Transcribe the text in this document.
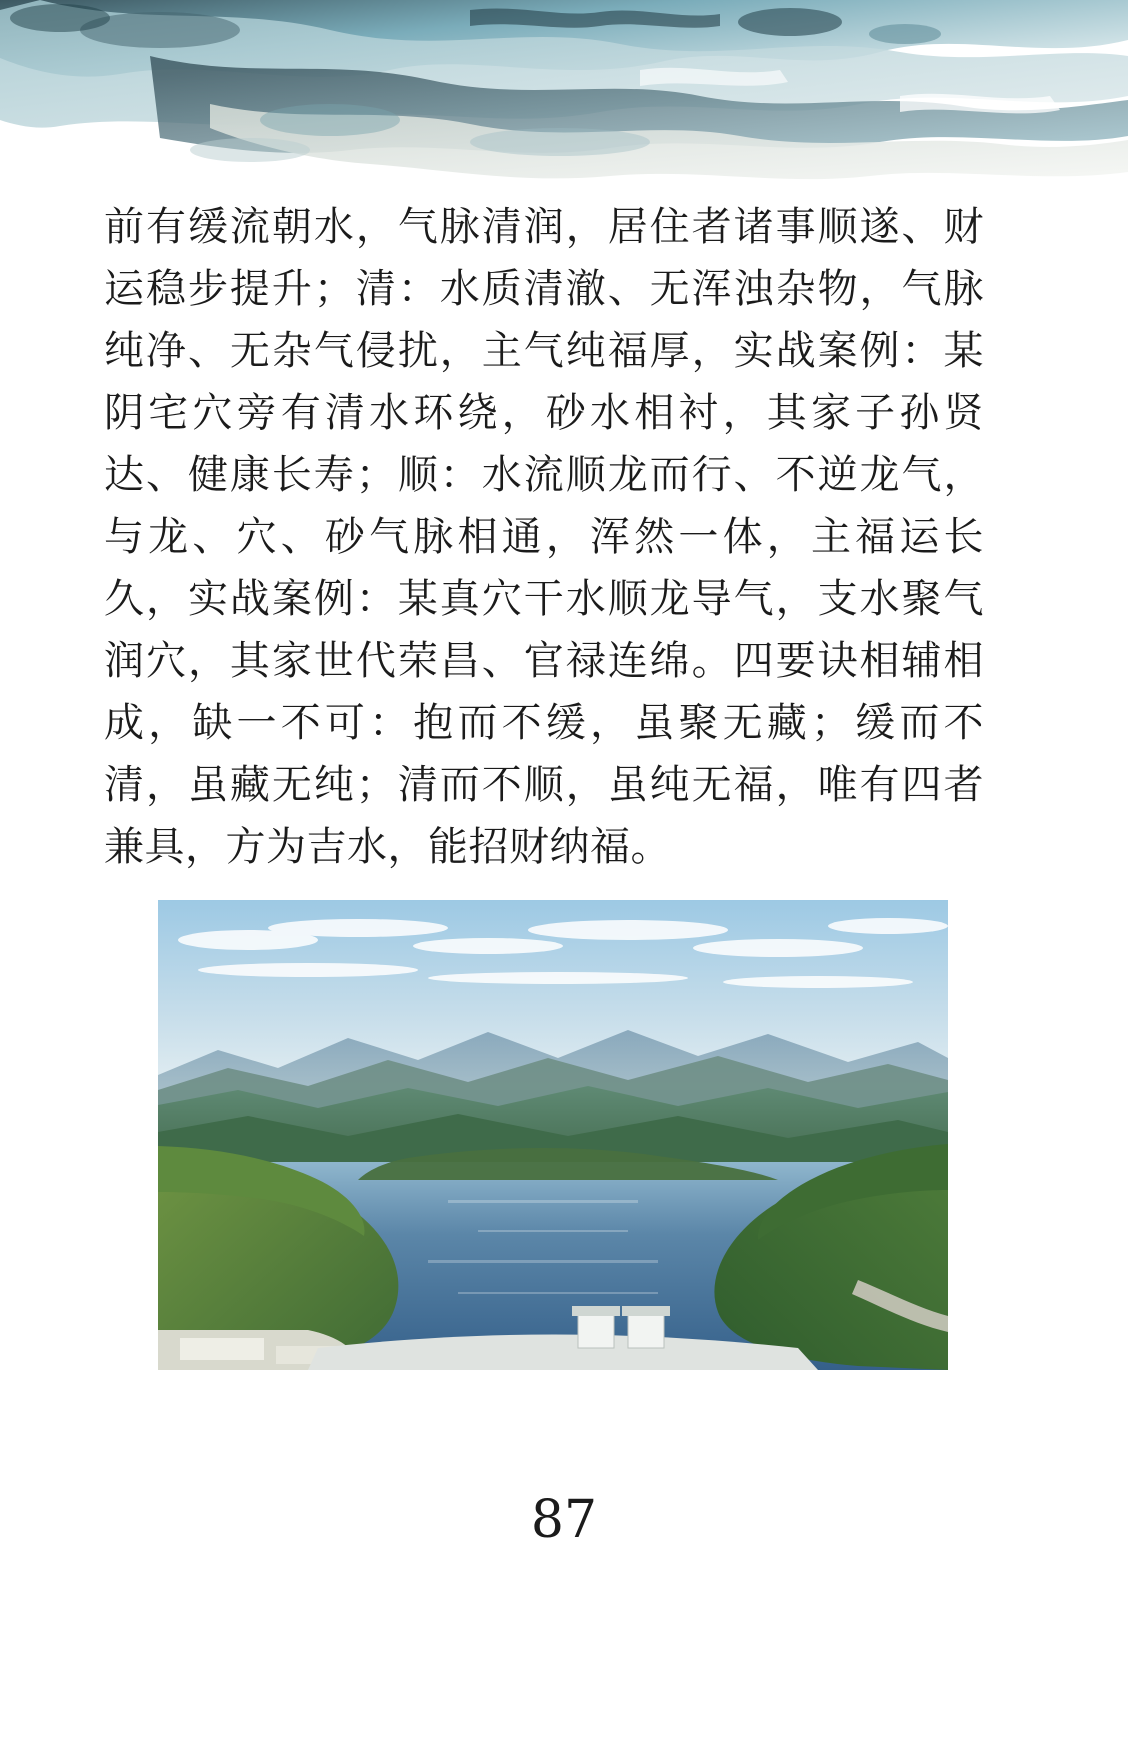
前有缓流朝水，气脉清润，居住者诸事顺遂、财运稳步提升；清：水质清澈、无浑浊杂物，气脉纯净、无杂气侵扰，主气纯福厚，实战案例：某阴宅穴旁有清水环绕，砂水相衬，其家子孙贤达、健康长寿；顺：水流顺龙而行、不逆龙气，与龙、穴、砂气脉相通，浑然一体，主福运长久，实战案例：某真穴干水顺龙导气，支水聚气润穴，其家世代荣昌、官禄连绵。四要诀相辅相成，缺一不可：抱而不缓，虽聚无藏；缓而不清，虽藏无纯；清而不顺，虽纯无福，唯有四者兼具，方为吉水，能招财纳福。
87
